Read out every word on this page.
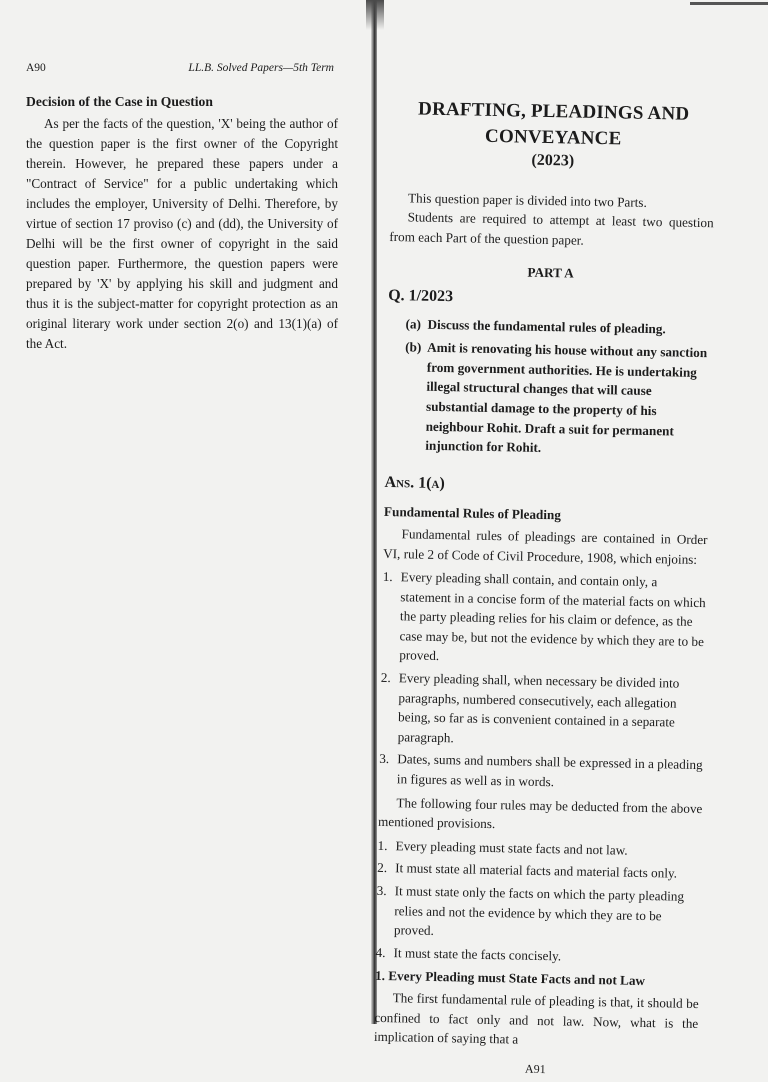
A90	LL.B. Solved Papers—5th Term
Decision of the Case in Question

As per the facts of the question, 'X' being the author of the question paper is the first owner of the Copyright therein. However, he prepared these papers under a "Contract of Service" for a public undertaking which includes the employer, University of Delhi. Therefore, by virtue of section 17 proviso (c) and (dd), the University of Delhi will be the first owner of copyright in the said question paper. Furthermore, the question papers were prepared by 'X' by applying his skill and judgment and thus it is the subject-matter for copyright protection as an original literary work under section 2(o) and 13(1)(a) of the Act.

DRAFTING, PLEADINGS AND CONVEYANCE
(2023)

This question paper is divided into two Parts.

Students are required to attempt at least two question from each Part of the question paper.

PART A
Q. 1/2023
(a) Discuss the fundamental rules of pleading.
(b) Amit is renovating his house without any sanction from government authorities. He is undertaking illegal structural changes that will cause substantial damage to the property of his neighbour Rohit. Draft a suit for permanent injunction for Rohit.
Ans. 1(a)
Fundamental Rules of Pleading

Fundamental rules of pleadings are contained in Order VI, rule 2 of Code of Civil Procedure, 1908, which enjoins:

1. Every pleading shall contain, and contain only, a statement in a concise form of the material facts on which the party pleading relies for his claim or defence, as the case may be, but not the evidence by which they are to be proved.
2. Every pleading shall, when necessary be divided into paragraphs, numbered consecutively, each allegation being, so far as is convenient contained in a separate paragraph.
3. Dates, sums and numbers shall be expressed in a pleading in figures as well as in words.

The following four rules may be deducted from the above mentioned provisions.

1. Every pleading must state facts and not law.
2. It must state all material facts and material facts only.
3. It must state only the facts on which the party pleading relies and not the evidence by which they are to be proved.
4. It must state the facts concisely.
1. Every Pleading must State Facts and not Law

The first fundamental rule of pleading is that, it should be confined to fact only and not law. Now, what is the implication of saying that a

A91
